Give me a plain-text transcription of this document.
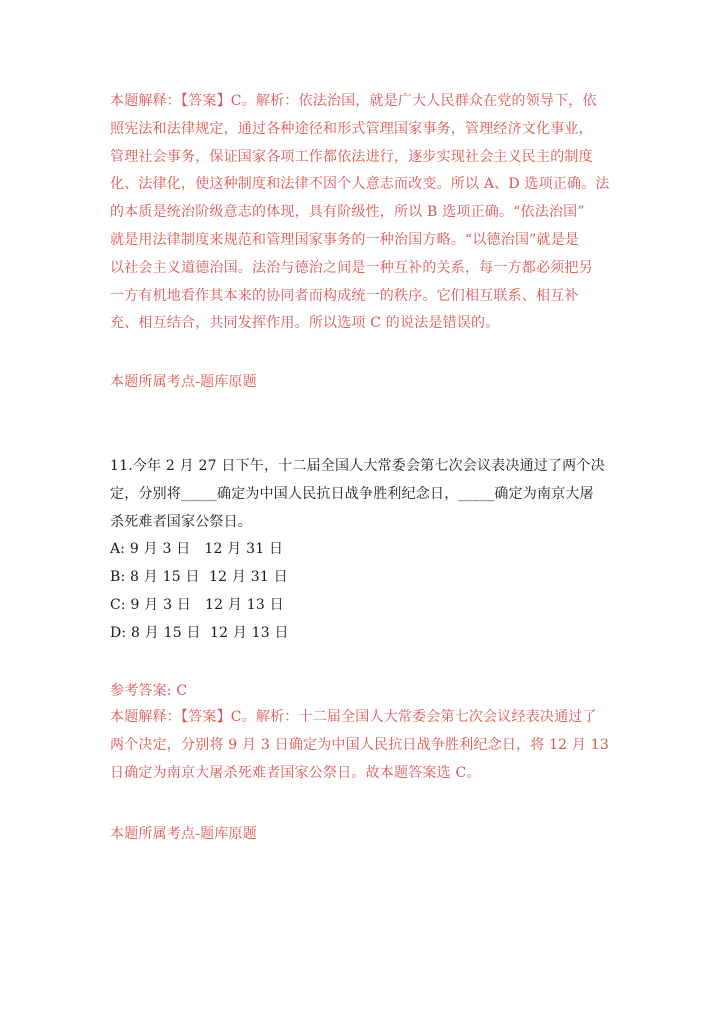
本题解释：【答案】C。解析：依法治国，就是广大人民群众在党的领导下，依
照宪法和法律规定，通过各种途径和形式管理国家事务，管理经济文化事业，
管理社会事务，保证国家各项工作都依法进行，逐步实现社会主义民主的制度
化、法律化，使这种制度和法律不因个人意志而改变。所以 A、D 选项正确。法
的本质是统治阶级意志的体现，具有阶级性，所以 B 选项正确。“依法治国”
就是用法律制度来规范和管理国家事务的一种治国方略。“以德治国”就是是
以社会主义道德治国。法治与德治之间是一种互补的关系，每一方都必须把另
一方有机地看作其本来的协同者而构成统一的秩序。它们相互联系、相互补
充、相互结合，共同发挥作用。所以选项 C 的说法是错误的。
本题所属考点-题库原题
11.今年 2 月 27 日下午，十二届全国人大常委会第七次会议表决通过了两个决
定，分别将_____确定为中国人民抗日战争胜利纪念日，_____确定为南京大屠
杀死难者国家公祭日。
A: 9 月 3 日   12 月 31 日
B: 8 月 15 日  12 月 31 日
C: 9 月 3 日   12 月 13 日
D: 8 月 15 日  12 月 13 日
参考答案: C
本题解释：【答案】C。解析：十二届全国人大常委会第七次会议经表决通过了
两个决定，分别将 9 月 3 日确定为中国人民抗日战争胜利纪念日，将 12 月 13
日确定为南京大屠杀死难者国家公祭日。故本题答案选 C。
本题所属考点-题库原题
